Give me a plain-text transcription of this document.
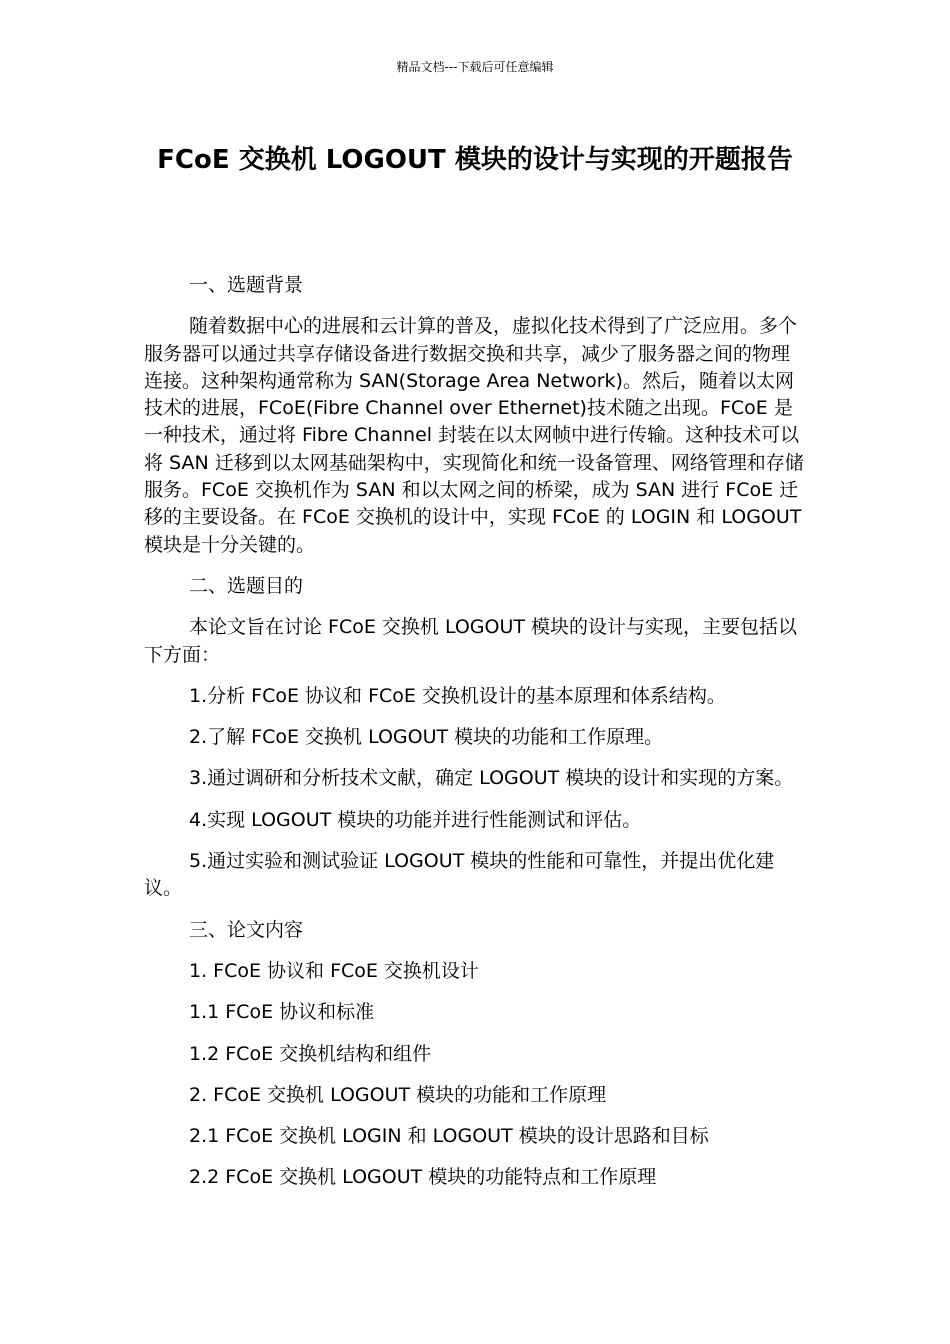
精品文档---下载后可任意编辑
FCoE 交换机 LOGOUT 模块的设计与实现的开题报告

一、选题背景

随着数据中心的进展和云计算的普及，虚拟化技术得到了广泛应用。多个服务器可以通过共享存储设备进行数据交换和共享，减少了服务器之间的物理连接。这种架构通常称为 SAN(Storage Area Network)。然后，随着以太网技术的进展，FCoE(Fibre Channel over Ethernet)技术随之出现。FCoE 是一种技术，通过将 Fibre Channel 封装在以太网帧中进行传输。这种技术可以将 SAN 迁移到以太网基础架构中，实现简化和统一设备管理、网络管理和存储服务。FCoE 交换机作为 SAN 和以太网之间的桥梁，成为 SAN 进行 FCoE 迁移的主要设备。在 FCoE 交换机的设计中，实现 FCoE 的 LOGIN 和 LOGOUT 模块是十分关键的。

二、选题目的

本论文旨在讨论 FCoE 交换机 LOGOUT 模块的设计与实现，主要包括以下方面：

1.分析 FCoE 协议和 FCoE 交换机设计的基本原理和体系结构。

2.了解 FCoE 交换机 LOGOUT 模块的功能和工作原理。

3.通过调研和分析技术文献，确定 LOGOUT 模块的设计和实现的方案。

4.实现 LOGOUT 模块的功能并进行性能测试和评估。

5.通过实验和测试验证 LOGOUT 模块的性能和可靠性，并提出优化建议。

三、论文内容

1. FCoE 协议和 FCoE 交换机设计

1.1 FCoE 协议和标准

1.2 FCoE 交换机结构和组件

2. FCoE 交换机 LOGOUT 模块的功能和工作原理

2.1 FCoE 交换机 LOGIN 和 LOGOUT 模块的设计思路和目标

2.2 FCoE 交换机 LOGOUT 模块的功能特点和工作原理
